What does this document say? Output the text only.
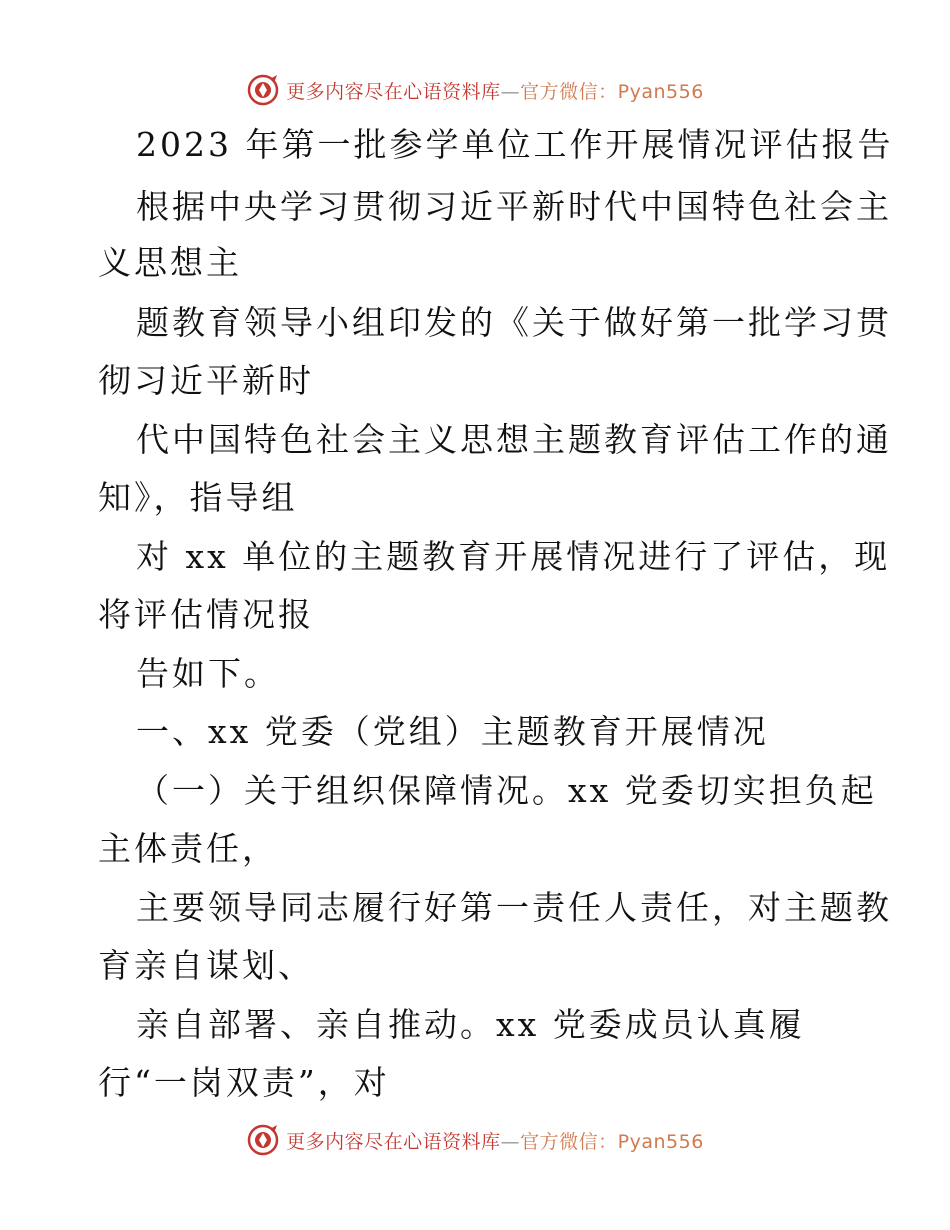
更多内容尽在心语资料库—官方微信：Pyan556
2023 年第一批参学单位工作开展情况评估报告
根据中央学习贯彻习近平新时代中国特色社会主
义思想主
题教育领导小组印发的《关于做好第一批学习贯
彻习近平新时
代中国特色社会主义思想主题教育评估工作的通
知》，指导组
对 xx 单位的主题教育开展情况进行了评估，现
将评估情况报
告如下。
一、xx 党委（党组）主题教育开展情况
（一）关于组织保障情况。xx 党委切实担负起
主体责任，
主要领导同志履行好第一责任人责任，对主题教
育亲自谋划、
亲自部署、亲自推动。xx 党委成员认真履
行“一岗双责”，对
更多内容尽在心语资料库—官方微信：Pyan556
